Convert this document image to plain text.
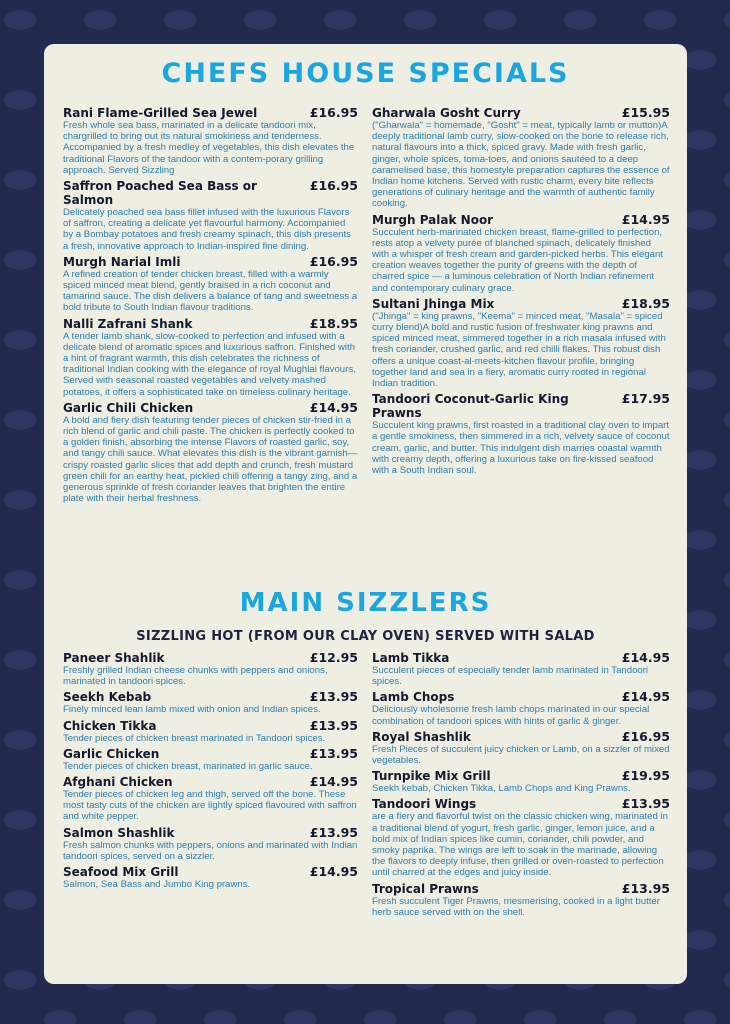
CHEFS HOUSE SPECIALS
Rani Flame-Grilled Sea Jewel	£16.95

Fresh whole sea bass, marinated in a delicate tandoori mix, chargrilled to bring out its natural smokiness and tenderness. Accompanied by a fresh medley of vegetables, this dish elevates the traditional Flavors of the tandoor with a contem-porary grilling approach. Served Sizzling

Saffron Poached Sea Bass or Salmon
£16.95

Delicately poached sea bass fillet infused with the luxurious Flavors of saffron, creating a delicate yet flavourful harmony. Accompanied by a Bombay potatoes and fresh creamy spinach, this dish presents a fresh, innovative approach to Indian-inspired fine dining.

Murgh Narial Imli	£16.95

A refined creation of tender chicken breast, filled with a warmly spiced minced meat blend, gently braised in a rich coconut and tamarind sauce. The dish delivers a balance of tang and sweetness a bold tribute to South Indian flavour traditions.

Nalli Zafrani Shank	£18.95

A tender lamb shank, slow-cooked to perfection and infused with a delicate blend of aromatic spices and luxurious saffron. Finished with a hint of fragrant warmth, this dish celebrates the richness of traditional Indian cooking with the elegance of royal Mughlai flavours. Served with seasonal roasted vegetables and velvety mashed potatoes, it offers a sophisticated take on timeless culinary heritage.

Garlic Chili Chicken	£14.95

A bold and fiery dish featuring tender pieces of chicken stir-fried in a rich blend of garlic and chili paste. The chicken is perfectly cooked to a golden finish, absorbing the intense Flavors of roasted garlic, soy, and tangy chili sauce. What elevates this dish is the vibrant garnish—crispy roasted garlic slices that add depth and crunch, fresh mustard green chili for an earthy heat, pickled chili offering a tangy zing, and a generous sprinkle of fresh coriander leaves that brighten the entire plate with their herbal freshness.

Gharwala Gosht Curry	£15.95

("Gharwala" = homemade, "Gosht" = meat, typically lamb or mutton)A deeply traditional lamb curry, slow-cooked on the bone to release rich, natural flavours into a thick, spiced gravy. Made with fresh garlic, ginger, whole spices, toma-toes, and onions sautéed to a deep caramelised base, this homestyle preparation captures the essence of Indian home kitchens. Served with rustic charm, every bite reflects generations of culinary heritage and the warmth of authentic family cooking.

Murgh Palak Noor	£14.95

Succulent herb-marinated chicken breast, flame-grilled to perfection, rests atop a velvety purée of blanched spinach, delicately finished with a whisper of fresh cream and garden-picked herbs. This elegant creation weaves together the purity of greens with the depth of charred spice — a luminous celebration of North Indian refinement and contemporary culinary grace.

Sultani Jhinga Mix	£18.95

("Jhinga" = king prawns, "Keema" = minced meat, "Masala" = spiced curry blend)A bold and rustic fusion of freshwater king prawns and spiced minced meat, simmered together in a rich masala infused with fresh coriander, crushed garlic, and red chilli flakes. This robust dish offers a unique coast-al-meets-kitchen flavour profile, bringing together land and sea in a fiery, aromatic curry rooted in regional Indian tradition.

Tandoori Coconut-Garlic King Prawns
£17.95

Succulent king prawns, first roasted in a traditional clay oven to impart a gentle smokiness, then simmered in a rich, velvety sauce of coconut cream, garlic, and butter. This indulgent dish marries coastal warmth with creamy depth, offering a luxurious take on fire-kissed seafood with a South Indian soul.

MAIN SIZZLERS
SIZZLING HOT (FROM OUR CLAY OVEN) SERVED WITH SALAD
Paneer Shahlik	£12.95

Freshly grilled Indian cheese chunks with peppers and onions, marinated in tandoori spices.

Seekh Kebab	£13.95

Finely minced lean lamb mixed with onion and Indian spices.

Chicken Tikka	£13.95

Tender pieces of chicken breast marinated in Tandoori spices.

Garlic Chicken	£13.95

Tender pieces of chicken breast, marinated in garlic sauce.

Afghani Chicken	£14.95

Tender pieces of chicken leg and thigh, served off the bone. These most tasty cuts of the chicken are lightly spiced flavoured with saffron and white pepper.

Salmon Shashlik	£13.95

Fresh salmon chunks with peppers, onions and marinated with Indian tandoori spices, served on a sizzler.

Seafood Mix Grill	£14.95

Salmon, Sea Bass and Jumbo King prawns.

Lamb Tikka	£14.95

Succulent pieces of especially tender lamb marinated in Tandoori spices.

Lamb Chops	£14.95

Deliciously wholesome fresh lamb chops marinated in our special combination of tandoori spices with hints of garlic & ginger.

Royal Shashlik	£16.95

Fresh Pieces of succulent juicy chicken or Lamb, on a sizzler of mixed vegetables.

Turnpike Mix Grill	£19.95

Seekh kebab, Chicken Tikka, Lamb Chops and King Prawns.

Tandoori Wings	£13.95

are a fiery and flavorful twist on the classic chicken wing, marinated in a traditional blend of yogurt, fresh garlic, ginger, lemon juice, and a bold mix of Indian spices like cumin, coriander, chili powder, and smoky paprika. The wings are left to soak in the marinade, allowing the flavors to deeply infuse, then grilled or oven-roasted to perfection until charred at the edges and juicy inside.

Tropical Prawns	£13.95

Fresh succulent Tiger Prawns, mesmerising, cooked in a light butter herb sauce served with on the shell.
